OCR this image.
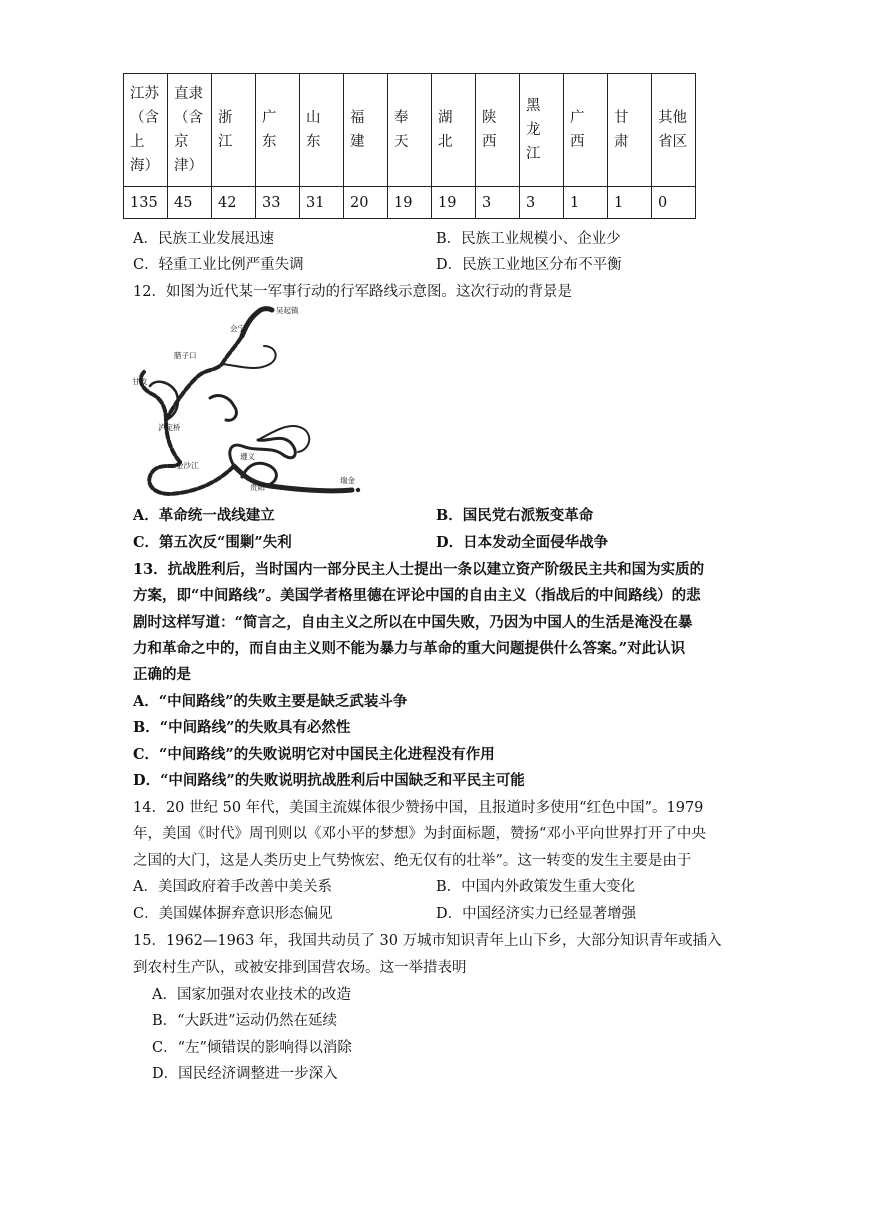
江苏
（含
上
海）	直隶
（含
京
津）	浙
江	广
东	山
东	福
建	奉
天	湖
北	陕
西	黑
龙
江	广
西	甘
肃	其他
省区

135	45	42	33	31	20	19	19	3	3	1	1	0
A．民族工业发展迅速	B．民族工业规模小、企业少
C．轻重工业比例严重失调	D．民族工业地区分布不平衡
12．如图为近代某一军事行动的行军路线示意图。这次行动的背景是
吴起镇
会宁
腊子口
甘孜
泸定桥
金沙江
遵义
贵阳
瑞金
A．革命统一战线建立	B．国民党右派叛变革命
C．第五次反“围剿”失利	D．日本发动全面侵华战争
13．抗战胜利后，当时国内一部分民主人士提出一条以建立资产阶级民主共和国为实质的
方案，即“中间路线”。美国学者格里德在评论中国的自由主义（指战后的中间路线）的悲
剧时这样写道：“简言之，自由主义之所以在中国失败，乃因为中国人的生活是淹没在暴
力和革命之中的，而自由主义则不能为暴力与革命的重大问题提供什么答案。”对此认识
正确的是
A．“中间路线”的失败主要是缺乏武装斗争
B．“中间路线”的失败具有必然性
C．“中间路线”的失败说明它对中国民主化进程没有作用
D．“中间路线”的失败说明抗战胜利后中国缺乏和平民主可能
14．20 世纪 50 年代，美国主流媒体很少赞扬中国，且报道时多使用“红色中国”。1979
年，美国《时代》周刊则以《邓小平的梦想》为封面标题，赞扬“邓小平向世界打开了中央
之国的大门，这是人类历史上气势恢宏、绝无仅有的壮举”。这一转变的发生主要是由于
A．美国政府着手改善中美关系	B．中国内外政策发生重大变化
C．美国媒体摒弃意识形态偏见	D．中国经济实力已经显著增强
15．1962—1963 年，我国共动员了 30 万城市知识青年上山下乡，大部分知识青年或插入
到农村生产队，或被安排到国营农场。这一举措表明
A．国家加强对农业技术的改造
B．“大跃进”运动仍然在延续
C．“左”倾错误的影响得以消除
D．国民经济调整进一步深入
